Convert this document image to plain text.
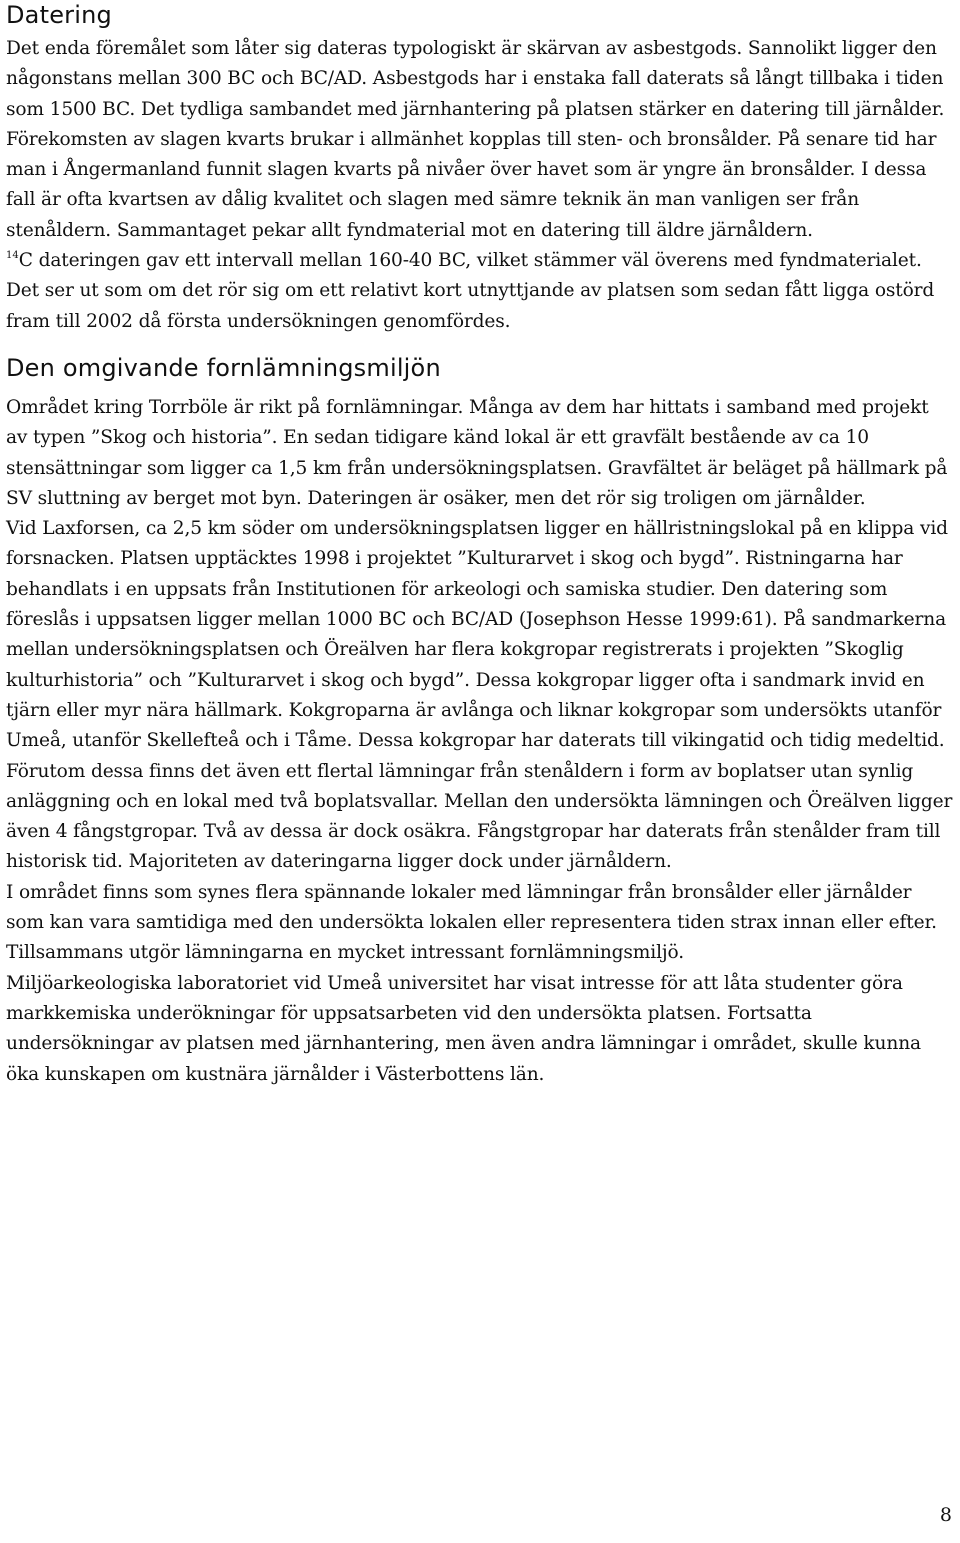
Datering

Det enda föremålet som låter sig dateras typologiskt är skärvan av asbestgods. Sannolikt ligger den någonstans mellan 300 BC och BC/AD. Asbestgods har i enstaka fall daterats så långt tillbaka i tiden som 1500 BC. Det tydliga sambandet med järnhantering på platsen stärker en datering till järnålder.

Förekomsten av slagen kvarts brukar i allmänhet kopplas till sten- och bronsålder. På senare tid har man i Ångermanland funnit slagen kvarts på nivåer över havet som är yngre än bronsålder. I dessa fall är ofta kvartsen av dålig kvalitet och slagen med sämre teknik än man vanligen ser från stenåldern. Sammantaget pekar allt fyndmaterial mot en datering till äldre järnåldern.

$^{14}$C dateringen gav ett intervall mellan 160-40 BC, vilket stämmer väl överens med fyndmaterialet.

Det ser ut som om det rör sig om ett relativt kort utnyttjande av platsen som sedan fått ligga ostörd fram till 2002 då första undersökningen genomfördes.

Den omgivande fornlämningsmiljön

Området kring Torrböle är rikt på fornlämningar. Många av dem har hittats i samband med projekt av typen ”Skog och historia”. En sedan tidigare känd lokal är ett gravfält bestående av ca 10 stensättningar som ligger ca 1,5 km från undersökningsplatsen. Gravfältet är beläget på hällmark på SV sluttning av berget mot byn. Dateringen är osäker, men det rör sig troligen om järnålder.

Vid Laxforsen, ca 2,5 km söder om undersökningsplatsen ligger en hällristningslokal på en klippa vid forsnacken. Platsen upptäcktes 1998 i projektet ”Kulturarvet i skog och bygd”. Ristningarna har behandlats i en uppsats från Institutionen för arkeologi och samiska studier. Den datering som föreslås i uppsatsen ligger mellan 1000 BC och BC/AD (Josephson Hesse 1999:61). På sandmarkerna mellan undersökningsplatsen och Öreälven har flera kokgropar registrerats i projekten ”Skoglig kulturhistoria” och ”Kulturarvet i skog och bygd”. Dessa kokgropar ligger ofta i sandmark invid en tjärn eller myr nära hällmark. Kokgroparna är avlånga och liknar kokgropar som undersökts utanför Umeå, utanför Skellefteå och i Tåme. Dessa kokgropar har daterats till vikingatid och tidig medeltid. Förutom dessa finns det även ett flertal lämningar från stenåldern i form av boplatser utan synlig anläggning och en lokal med två boplatsvallar. Mellan den undersökta lämningen och Öreälven ligger även 4 fångstgropar. Två av dessa är dock osäkra. Fångstgropar har daterats från stenålder fram till historisk tid. Majoriteten av dateringarna ligger dock under järnåldern.

I området finns som synes flera spännande lokaler med lämningar från bronsålder eller järnålder som kan vara samtidiga med den undersökta lokalen eller representera tiden strax innan eller efter. Tillsammans utgör lämningarna en mycket intressant fornlämningsmiljö.

Miljöarkeologiska laboratoriet vid Umeå universitet har visat intresse för att låta studenter göra markkemiska underökningar för uppsatsarbeten vid den undersökta platsen. Fortsatta undersökningar av platsen med järnhantering, men även andra lämningar i området, skulle kunna öka kunskapen om kustnära järnålder i Västerbottens län.

8
